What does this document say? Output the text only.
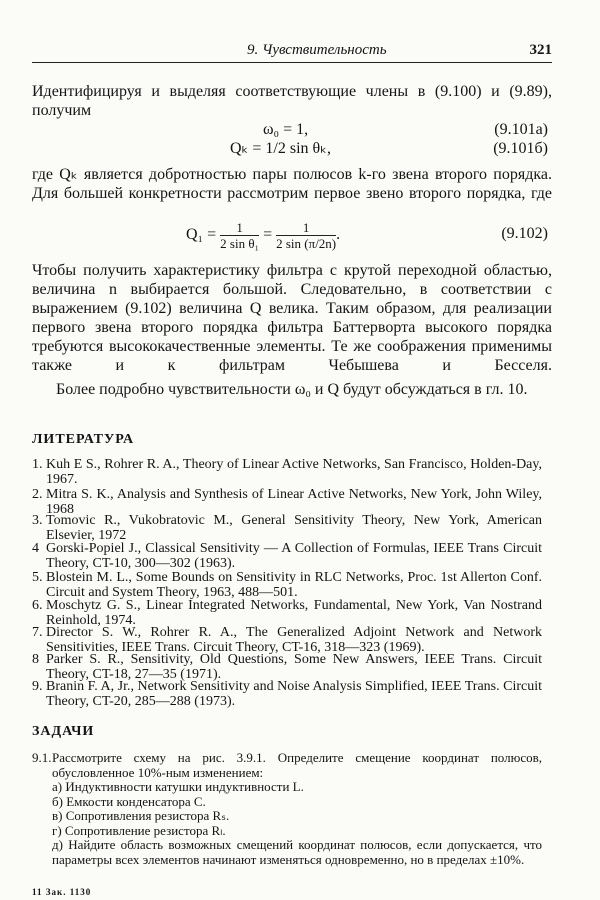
9. Чувствительность	321
Идентифицируя и выделяя соответствующие члены в (9.100) и (9.89), получим
ω₀ = 1,	(9.101а)
Qₖ = 1/2 sin θₖ,	(9.101б)
где Qₖ является добротностью пары полюсов k-го звена второго порядка. Для большей конкретности рассмотрим первое звено второго порядка, где
$Q_1 = \frac{1}{\text{2 sin θ₁}} = \frac{1}{2 \sin (\pi/2n)}$ .	(9.102)
Чтобы получить характеристику фильтра с крутой переходной областью, величина n выбирается большой. Следовательно, в соответствии с выражением (9.102) величина Q велика. Таким образом, для реализации первого звена второго порядка фильтра Баттерворта высокого порядка требуются высококачественные элементы. Те же соображения применимы также и к фильтрам Чебышева и Бесселя.
Более подробно чувствительности ω₀ и Q будут обсуждаться в гл. 10.
ЛИТЕРАТУРА
1. Kuh E S., Rohrer R. A., Theory of Linear Active Networks, San Francisco, Holden-Day, 1967.
2. Mitra S. K., Analysis and Synthesis of Linear Active Networks, New York, John Wiley, 1968
3. Tomovic R., Vukobratovic M., General Sensitivity Theory, New York, American Elsevier, 1972
4 Gorski-Popiel J., Classical Sensitivity — A Collection of Formulas, IEEE Trans Circuit Theory, CT-10, 300—302 (1963).
5. Blostein M. L., Some Bounds on Sensitivity in RLC Networks, Proc. 1st Allerton Conf. Circuit and System Theory, 1963, 488—501.
6. Moschytz G. S., Linear Integrated Networks, Fundamental, New York, Van Nostrand Reinhold, 1974.
7. Director S. W., Rohrer R. A., The Generalized Adjoint Network and Network Sensitivities, IEEE Trans. Circuit Theory, CT-16, 318—323 (1969).
8 Parker S. R., Sensitivity, Old Questions, Some New Answers, IEEE Trans. Circuit Theory, CT-18, 27—35 (1971).
9. Branin F. A, Jr., Network Sensitivity and Noise Analysis Simplified, IEEE Trans. Circuit Theory, CT-20, 285—288 (1973).
ЗАДАЧИ
9.1. Рассмотрите схему на рис. 3.9.1. Определите смещение координат полюсов, обусловленное 10%-ным изменением:
а) Индуктивности катушки индуктивности L.
б) Емкости конденсатора C.
в) Сопротивления резистора Rₛ.
г) Сопротивление резистора Rₗ.
д) Найдите область возможных смещений координат полюсов, если допускается, что параметры всех элементов начинают изменяться одновременно, но в пределах ±10%.
11 Зак. 1130
